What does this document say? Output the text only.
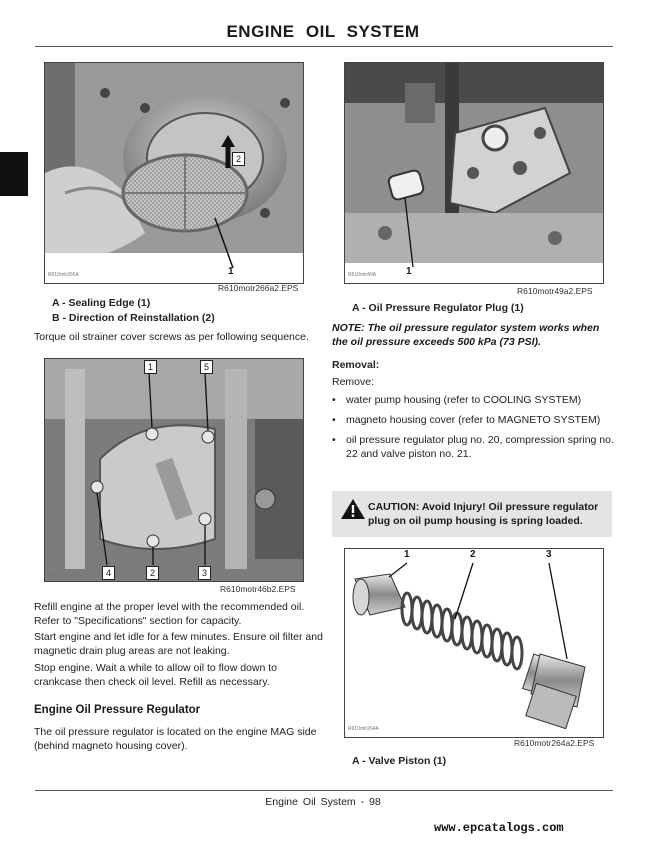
ENGINE OIL SYSTEM
2
1
R610mtr266A
R610motr266a2.EPS
A - Sealing Edge (1)
B - Direction of Reinstallation (2)
Torque oil strainer cover screws as per following sequence.
1	5
4	2	3
R610mtr46B
R610motr46b2.EPS
Refill engine at the proper level with the recommended oil. Refer to "Specifications" section for capacity.
Start engine and let idle for a few minutes. Ensure oil filter and magnetic drain plug areas are not leaking.
Stop engine. Wait a while to allow oil to flow down to crankcase then check oil level. Refill as necessary.
Engine Oil Pressure Regulator
The oil pressure regulator is located on the engine MAG side (behind magneto housing cover).
1
R610mtr49A
R610motr49a2.EPS
A - Oil Pressure Regulator Plug (1)
NOTE: The oil pressure regulator system works when the oil pressure exceeds 500 kPa (73 PSI).
Removal:
Remove:
• water pump housing (refer to COOLING SYSTEM)
• magneto housing cover (refer to MAGNETO SYSTEM)
• oil pressure regulator plug no. 20, compression spring no. 22 and valve piston no. 21.
CAUTION: Avoid Injury! Oil pressure regulator plug on oil pump housing is spring loaded.
1	2	3
R610mtr264A
R610motr264a2.EPS
A - Valve Piston (1)
Engine Oil System - 98
www.epcatalogs.com
